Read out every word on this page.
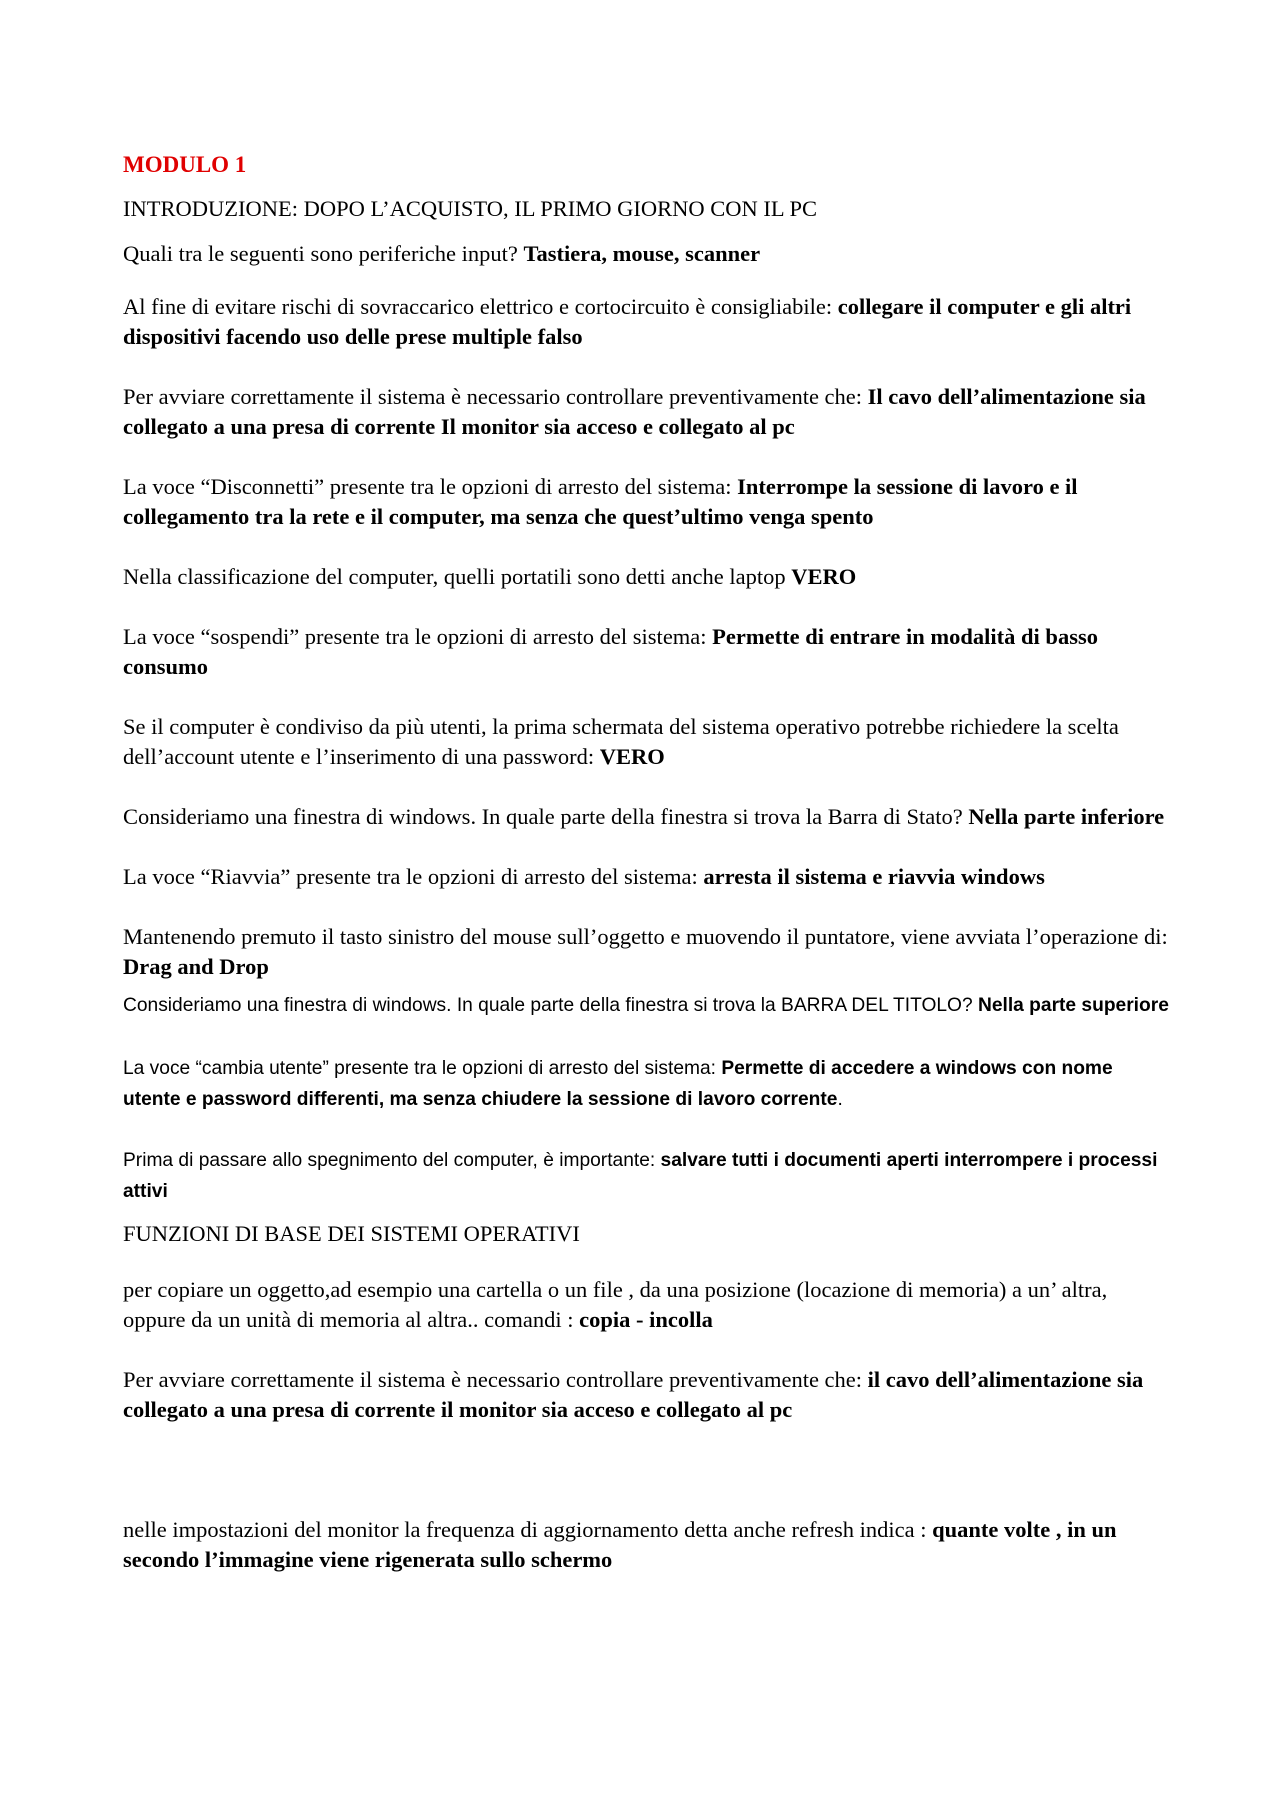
MODULO 1
INTRODUZIONE: DOPO L’ACQUISTO, IL PRIMO GIORNO CON IL PC

Quali tra le seguenti sono periferiche input? Tastiera, mouse, scanner

Al fine di evitare rischi di sovraccarico elettrico e cortocircuito è consigliabile: collegare il computer e gli altri dispositivi facendo uso delle prese multiple falso

Per avviare correttamente il sistema è necessario controllare preventivamente che: Il cavo dell’alimentazione sia collegato a una presa di corrente Il monitor sia acceso e collegato al pc

La voce “Disconnetti” presente tra le opzioni di arresto del sistema: Interrompe la sessione di lavoro e il collegamento tra la rete e il computer, ma senza che quest’ultimo venga spento

Nella classificazione del computer, quelli portatili sono detti anche laptop VERO

La voce “sospendi” presente tra le opzioni di arresto del sistema: Permette di entrare in modalità di basso consumo

Se il computer è condiviso da più utenti, la prima schermata del sistema operativo potrebbe richiedere la scelta dell’account utente e l’inserimento di una password: VERO

Consideriamo una finestra di windows. In quale parte della finestra si trova la Barra di Stato? Nella parte inferiore

La voce “Riavvia” presente tra le opzioni di arresto del sistema: arresta il sistema e riavvia windows

Mantenendo premuto il tasto sinistro del mouse sull’oggetto e muovendo il puntatore, viene avviata l’operazione di: Drag and Drop

Consideriamo una finestra di windows. In quale parte della finestra si trova la BARRA DEL TITOLO? Nella parte superiore

La voce “cambia utente” presente tra le opzioni di arresto del sistema: Permette di accedere a windows con nome utente e password differenti, ma senza chiudere la sessione di lavoro corrente.

Prima di passare allo spegnimento del computer, è importante: salvare tutti i documenti aperti interrompere i processi attivi

FUNZIONI DI BASE DEI SISTEMI OPERATIVI

per copiare un oggetto,ad esempio una cartella o un file , da una posizione (locazione di memoria) a un’ altra, oppure da un unità di memoria al altra.. comandi : copia - incolla

Per avviare correttamente il sistema è necessario controllare preventivamente che: il cavo dell’alimentazione sia collegato a una presa di corrente il monitor sia acceso e collegato al pc

nelle impostazioni del monitor la frequenza di aggiornamento detta anche refresh indica : quante volte , in un secondo l’immagine viene rigenerata sullo schermo
